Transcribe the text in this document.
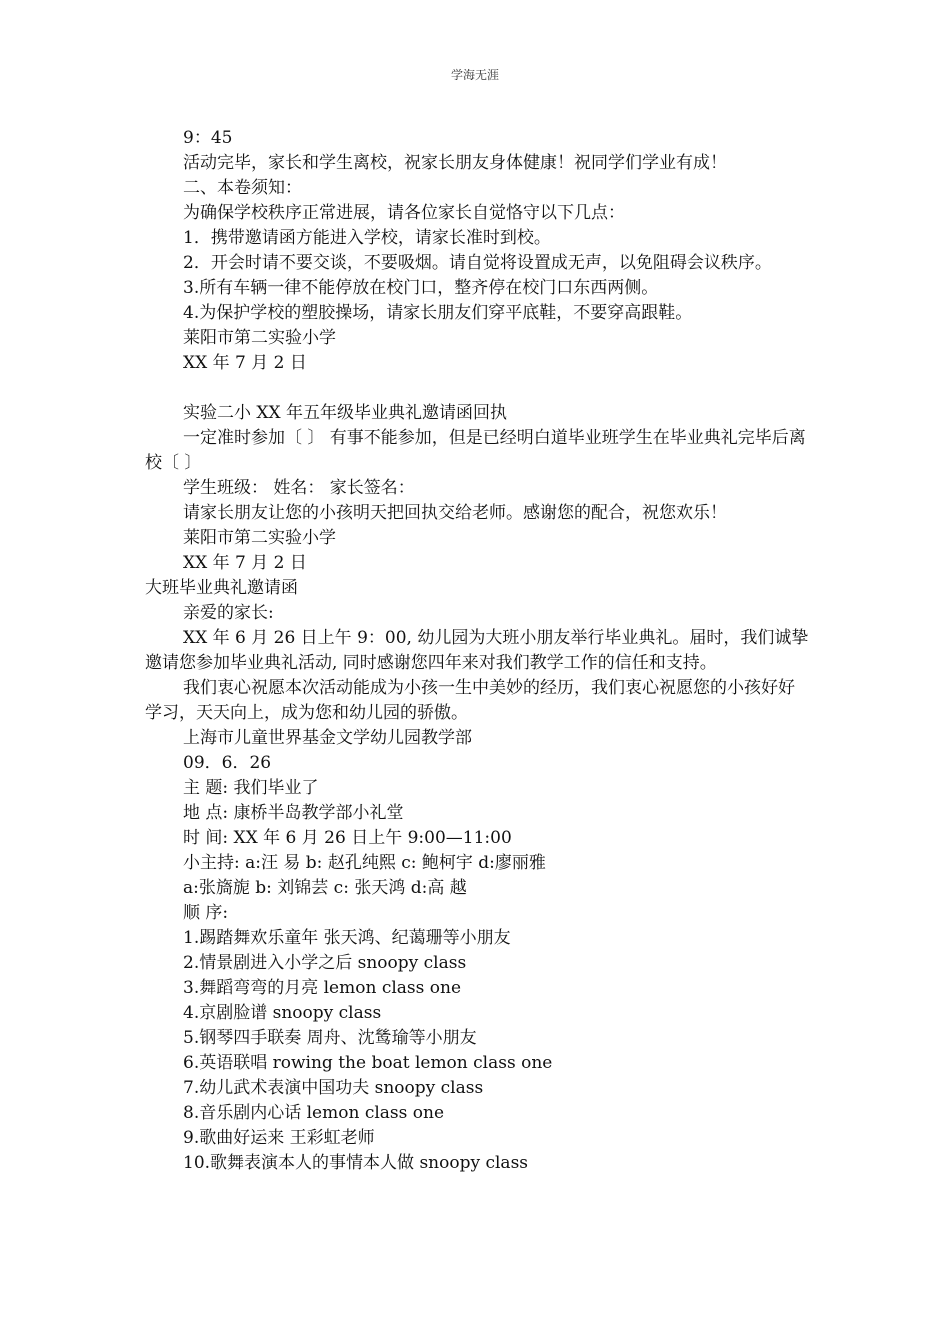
学海无涯
9：45
活动完毕，家长和学生离校，祝家长朋友身体健康！祝同学们学业有成！
二、本卷须知：
为确保学校秩序正常进展，请各位家长自觉恪守以下几点：
1．携带邀请函方能进入学校，请家长准时到校。
2．开会时请不要交谈，不要吸烟。请自觉将设置成无声，以免阻碍会议秩序。
3.所有车辆一律不能停放在校门口，整齐停在校门口东西两侧。
4.为保护学校的塑胶操场，请家长朋友们穿平底鞋，不要穿高跟鞋。
莱阳市第二实验小学
XX 年 7 月 2 日
实验二小 XX 年五年级毕业典礼邀请函回执
一定准时参加〔 〕 有事不能参加，但是已经明白道毕业班学生在毕业典礼完毕后离校〔 〕
学生班级： 姓名： 家长签名：
请家长朋友让您的小孩明天把回执交给老师。感谢您的配合，祝您欢乐！
莱阳市第二实验小学
XX 年 7 月 2 日
大班毕业典礼邀请函
亲爱的家长:
XX 年 6 月 26 日上午 9：00, 幼儿园为大班小朋友举行毕业典礼。届时，我们诚挚邀请您参加毕业典礼活动, 同时感谢您四年来对我们教学工作的信任和支持。
我们衷心祝愿本次活动能成为小孩一生中美妙的经历，我们衷心祝愿您的小孩好好学习，天天向上，成为您和幼儿园的骄傲。
上海市儿童世界基金文学幼儿园教学部
09．6．26
主 题: 我们毕业了
地 点: 康桥半岛教学部小礼堂
时 间: XX 年 6 月 26 日上午 9:00—11:00
小主持: a:汪 易 b: 赵孔纯熙 c: 鲍柯宇 d:廖丽雅
a:张旖旎 b: 刘锦芸 c: 张天鸿 d:高 越
顺 序:
1.踢踏舞欢乐童年 张天鸿、纪蔼珊等小朋友
2.情景剧进入小学之后 snoopy class
3.舞蹈弯弯的月亮 lemon class one
4.京剧脸谱 snoopy class
5.钢琴四手联奏 周舟、沈鸶瑜等小朋友
6.英语联唱 rowing the boat lemon class one
7.幼儿武术表演中国功夫 snoopy class
8.音乐剧内心话 lemon class one
9.歌曲好运来 王彩虹老师
10.歌舞表演本人的事情本人做 snoopy class
